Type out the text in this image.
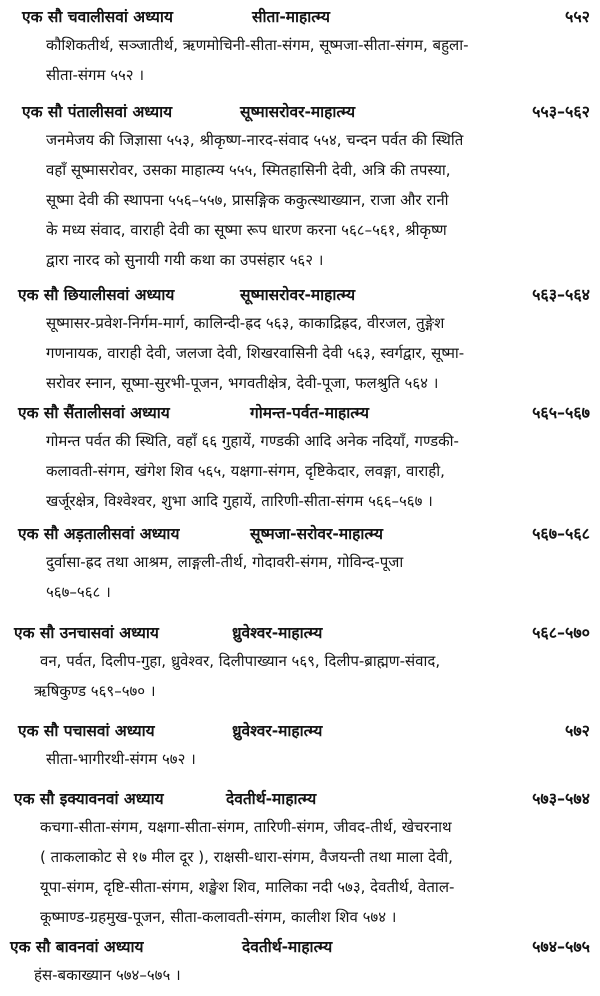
एक सौ चवालीसवां अध्याय	सीता-माहात्म्य	५५२
कौशिकतीर्थ, सञ्जातीर्थ, ऋणमोचिनी-सीता-संगम, सूष्मजा-सीता-संगम, बहुला-
सीता-संगम ५५२ ।
एक सौ पंतालीसवां अध्याय	सूष्मासरोवर-माहात्म्य	५५३–५६२
जनमेजय की जिज्ञासा ५५३, श्रीकृष्ण-नारद-संवाद ५५४, चन्दन पर्वत की स्थिति
वहाँ सूष्मासरोवर, उसका माहात्म्य ५५५, स्मितहासिनी देवी, अत्रि की तपस्या,
सूष्मा देवी की स्थापना ५५६–५५७, प्रासङ्गिक ककुत्स्थाख्यान, राजा और रानी
के मध्य संवाद, वाराही देवी का सूष्मा रूप धारण करना ५६८–५६१, श्रीकृष्ण
द्वारा नारद को सुनायी गयी कथा का उपसंहार ५६२ ।
एक सौ छियालीसवां अध्याय	सूष्मासरोवर-माहात्म्य	५६३–५६४
सूष्मासर-प्रवेश-निर्गम-मार्ग, कालिन्दी-ह्रद ५६३, काकाद्रिह्रद, वीरजल, तुङ्गेश
गणनायक, वाराही देवी, जलजा देवी, शिखरवासिनी देवी ५६३, स्वर्गद्वार, सूष्मा-
सरोवर स्नान, सूष्मा-सुरभी-पूजन, भगवतीक्षेत्र, देवी-पूजा, फलश्रुति ५६४ ।
एक सौ सैंतालीसवां अध्याय	गोमन्त-पर्वत-माहात्म्य	५६५–५६७
गोमन्त पर्वत की स्थिति, वहाँ ६६ गुहायें, गण्डकी आदि अनेक नदियाँ, गण्डकी-
कलावती-संगम, खंगेश शिव ५६५, यक्षगा-संगम, दृष्टिकेदार, लवङ्गा, वाराही,
खर्जूरक्षेत्र, विश्वेश्वर, शुभा आदि गुहायें, तारिणी-सीता-संगम ५६६–५६७ ।
एक सौ अड़तालीसवां अध्याय	सूष्मजा-सरोवर-माहात्म्य	५६७–५६८
दुर्वासा-ह्रद तथा आश्रम, लाङ्गली-तीर्थ, गोदावरी-संगम, गोविन्द-पूजा
५६७–५६८ ।
एक सौ उनचासवां अध्याय	ध्रुवेश्वर-माहात्म्य	५६८–५७०
वन, पर्वत, दिलीप-गुहा, ध्रुवेश्वर, दिलीपाख्यान ५६९, दिलीप-ब्राह्मण-संवाद,
ऋषिकुण्ड ५६९–५७० ।
एक सौ पचासवां अध्याय	ध्रुवेश्वर-माहात्म्य	५७२
सीता-भागीरथी-संगम ५७२ ।
एक सौ इक्यावनवां अध्याय	देवतीर्थ-माहात्म्य	५७३–५७४
कचगा-सीता-संगम, यक्षगा-सीता-संगम, तारिणी-संगम, जीवद-तीर्थ, खेचरनाथ
( ताकलाकोट से १७ मील दूर ), राक्षसी-धारा-संगम, वैजयन्ती तथा माला देवी,
यूपा-संगम, दृष्टि-सीता-संगम, शङ्खेश शिव, मालिका नदी ५७३, देवतीर्थ, वेताल-
कूष्माण्ड-ग्रहमुख-पूजन, सीता-कलावती-संगम, कालीश शिव ५७४ ।
एक सौ बावनवां अध्याय	देवतीर्थ-माहात्म्य	५७४–५७५
हंस-बकाख्यान ५७४–५७५ ।
